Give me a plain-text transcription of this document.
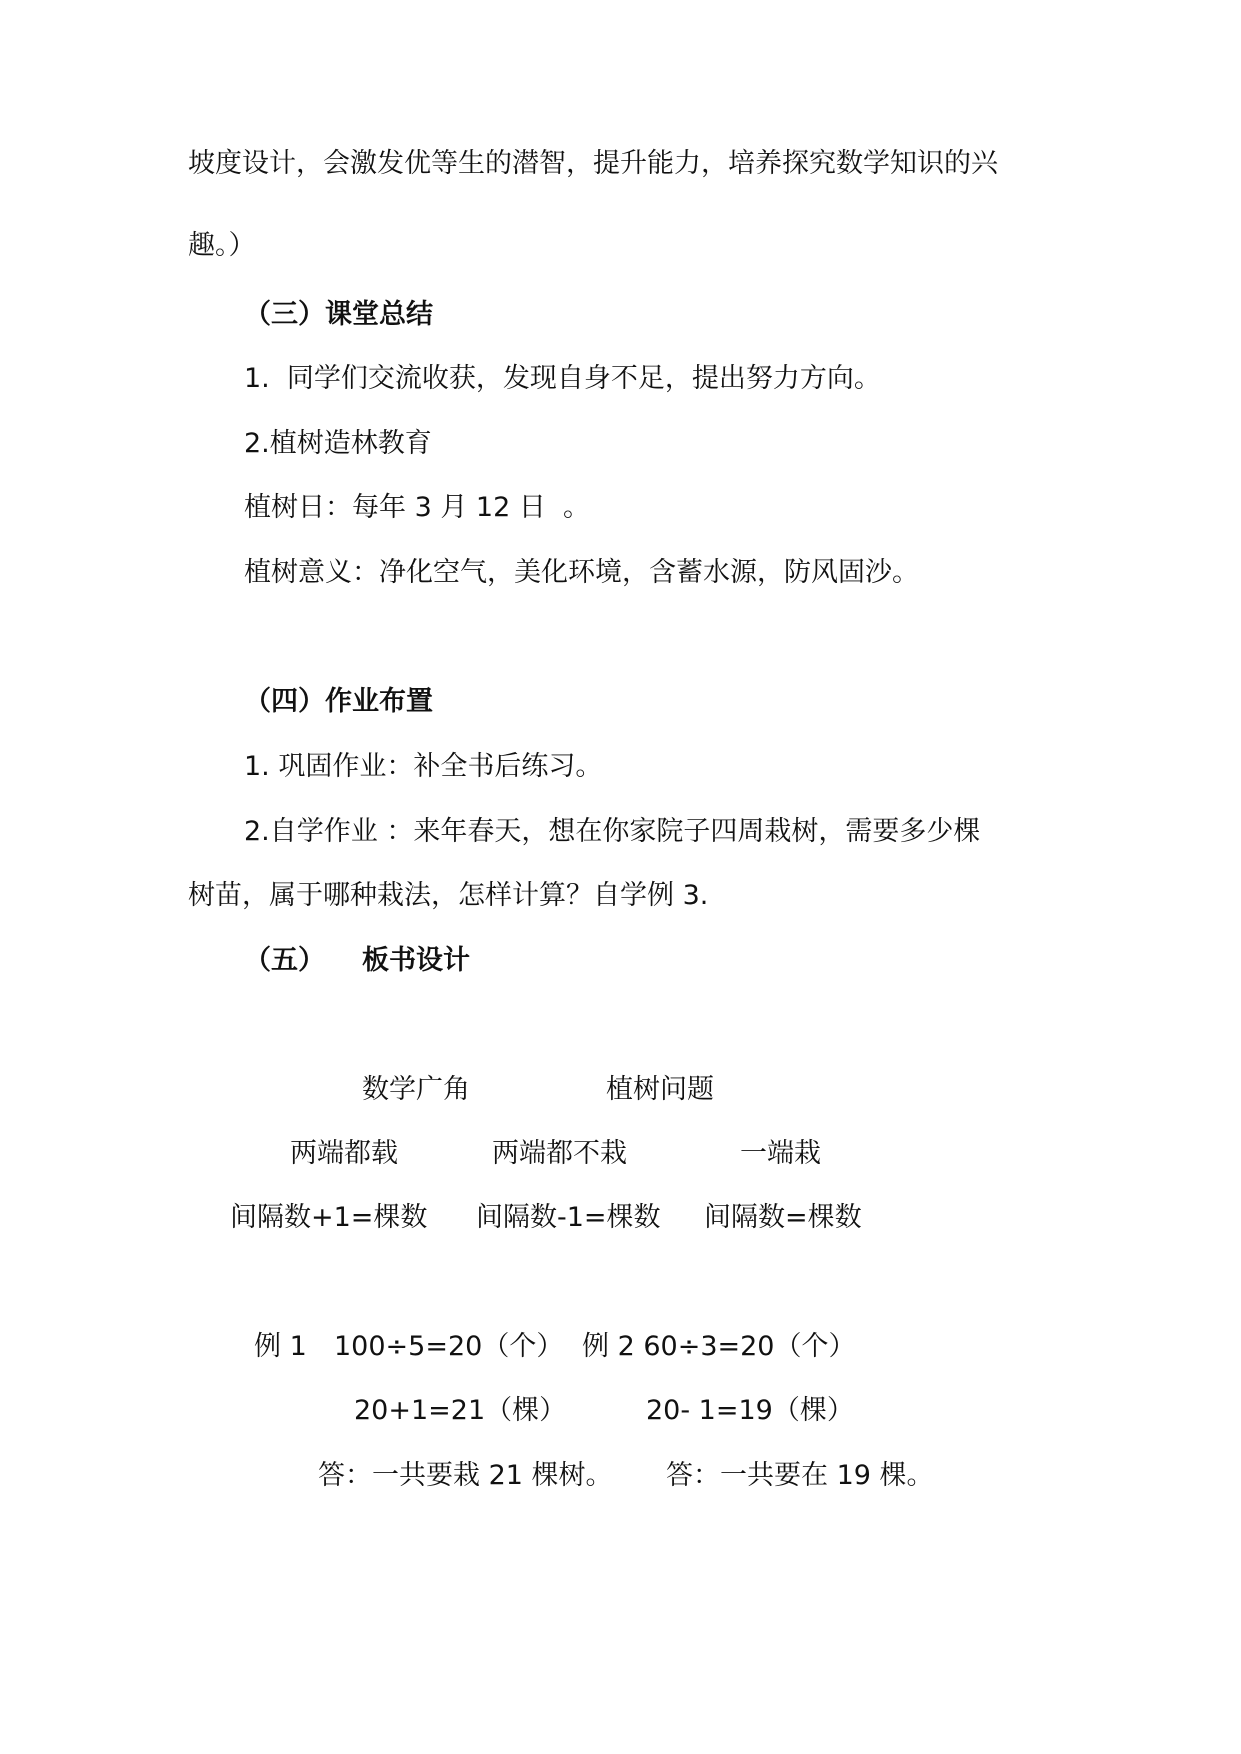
坡度设计，会激发优等生的潜智，提升能力，培养探究数学知识的兴
趣。）
（三）课堂总结
1.  同学们交流收获，发现自身不足，提出努力方向。
2.植树造林教育
植树日：每年 3 月 12 日  。
植树意义：净化空气，美化环境，含蓄水源，防风固沙。
（四）作业布置
1. 巩固作业：补全书后练习。
2.自学作业 ：来年春天，想在你家院子四周栽树，需要多少棵
树苗，属于哪种栽法，怎样计算？自学例 3.
（五） 板书设计
数学广角	植树问题
两端都载	两端都不栽	一端栽
间隔数+1=棵数 间隔数-1=棵数 间隔数=棵数
例 1 100÷5=20（个） 例 2 60÷3=20（个）
20+1=21（棵）	20- 1=19（棵）
答：一共要栽 21 棵树。 答：一共要在 19 棵。
